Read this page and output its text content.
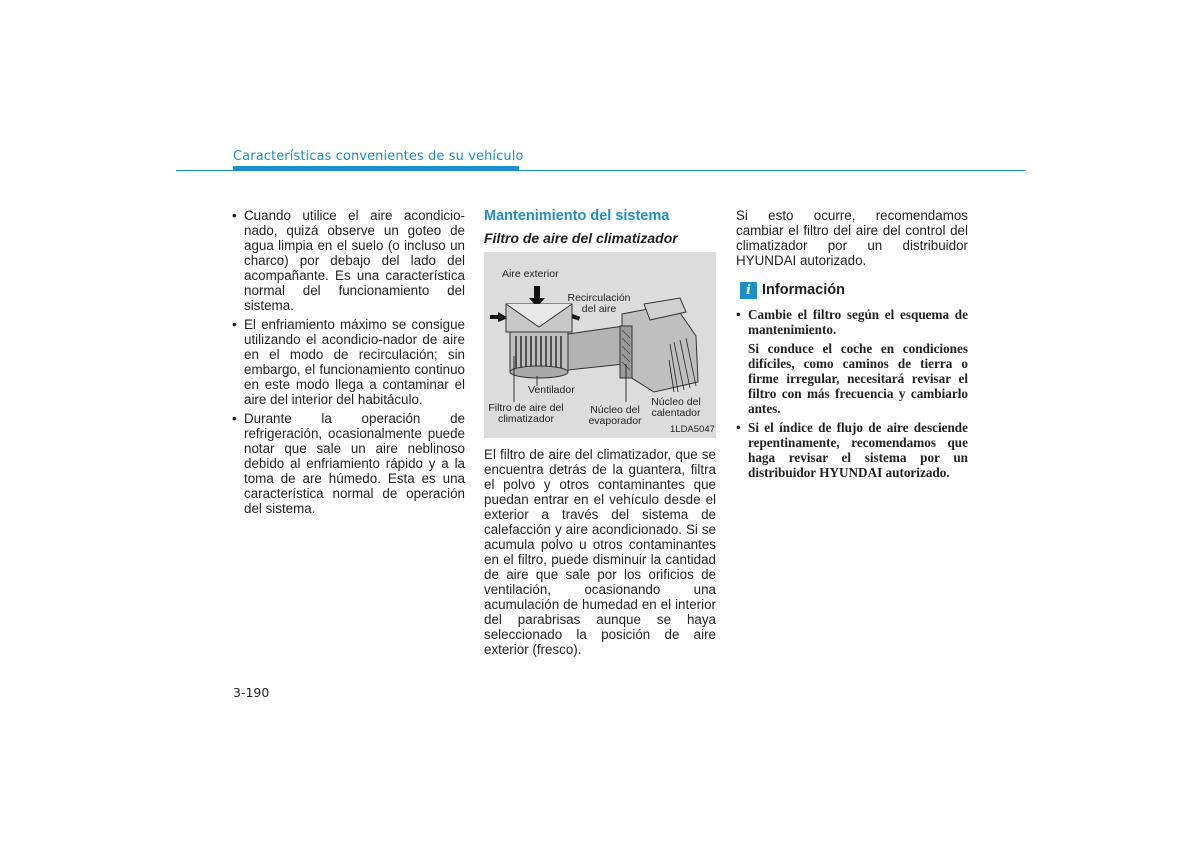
Características convenientes de su vehículo
• Cuando utilice el aire acondicio-nado, quizá observe un goteo de agua limpia en el suelo (o incluso un charco) por debajo del lado del acompañante. Es una característica normal del funcionamiento del sistema.
• El enfriamiento máximo se consigue utilizando el acondicio-nador de aire en el modo de recirculación; sin embargo, el funcionamiento continuo en este modo llega a contaminar el aire del interior del habitáculo.
• Durante la operación de refrigeración, ocasionalmente puede notar que sale un aire neblinoso debido al enfriamiento rápido y a la toma de are húmedo. Esta es una característica normal de operación del sistema.
Mantenimiento del sistema
Filtro de aire del climatizador
Aire exterior
Recirculación del aire
Ventilador
Filtro de aire del climatizador
Núcleo del evaporador
Núcleo del calentador
1LDA5047

El filtro de aire del climatizador, que se encuentra detrás de la guantera, filtra el polvo y otros contaminantes que puedan entrar en el vehículo desde el exterior a través del sistema de calefacción y aire acondicionado. Si se acumula polvo u otros contaminantes en el filtro, puede disminuir la cantidad de aire que sale por los orificios de ventilación, ocasionando una acumulación de humedad en el interior del parabrisas aunque se haya seleccionado la posición de aire exterior (fresco).

Si esto ocurre, recomendamos cambiar el filtro del aire del control del climatizador por un distribuidor HYUNDAI autorizado.

i Información

• Cambie el filtro según el esquema de mantenimiento.

Si conduce el coche en condiciones difíciles, como caminos de tierra o firme irregular, necesitará revisar el filtro con más frecuencia y cambiarlo antes.

• Si el índice de flujo de aire desciende repentinamente, recomendamos que haga revisar el sistema por un distribuidor HYUNDAI autorizado.

3-190
